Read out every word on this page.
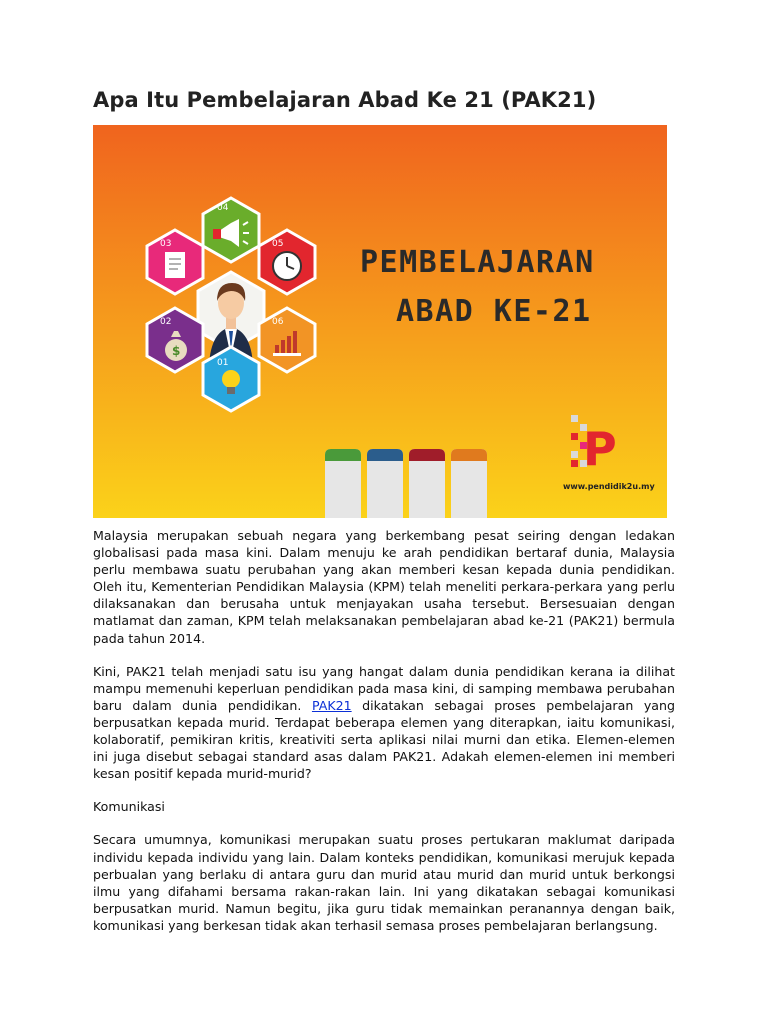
Apa Itu Pembelajaran Abad Ke 21 (PAK21)
04
03	05
02
$
06
01
PEMBELAJARAN
ABAD KE-21
P
www.pendidik2u.my

Malaysia merupakan sebuah negara yang berkembang pesat seiring dengan ledakan globalisasi pada masa kini. Dalam menuju ke arah pendidikan bertaraf dunia, Malaysia perlu membawa suatu perubahan yang akan memberi kesan kepada dunia pendidikan. Oleh itu, Kementerian Pendidikan Malaysia (KPM) telah meneliti perkara-perkara yang perlu dilaksanakan dan berusaha untuk menjayakan usaha tersebut. Bersesuaian dengan matlamat dan zaman, KPM telah melaksanakan pembelajaran abad ke-21 (PAK21) bermula pada tahun 2014.

Kini, PAK21 telah menjadi satu isu yang hangat dalam dunia pendidikan kerana ia dilihat mampu memenuhi keperluan pendidikan pada masa kini, di samping membawa perubahan baru dalam dunia pendidikan. PAK21 dikatakan sebagai proses pembelajaran yang berpusatkan kepada murid. Terdapat beberapa elemen yang diterapkan, iaitu komunikasi, kolaboratif, pemikiran kritis, kreativiti serta aplikasi nilai murni dan etika. Elemen-elemen ini juga disebut sebagai standard asas dalam PAK21. Adakah elemen-elemen ini memberi kesan positif kepada murid-murid?

Komunikasi

Secara umumnya, komunikasi merupakan suatu proses pertukaran maklumat daripada individu kepada individu yang lain. Dalam konteks pendidikan, komunikasi merujuk kepada perbualan yang berlaku di antara guru dan murid atau murid dan murid untuk berkongsi ilmu yang difahami bersama rakan-rakan lain. Ini yang dikatakan sebagai komunikasi berpusatkan murid. Namun begitu, jika guru tidak memainkan peranannya dengan baik, komunikasi yang berkesan tidak akan terhasil semasa proses pembelajaran berlangsung.
